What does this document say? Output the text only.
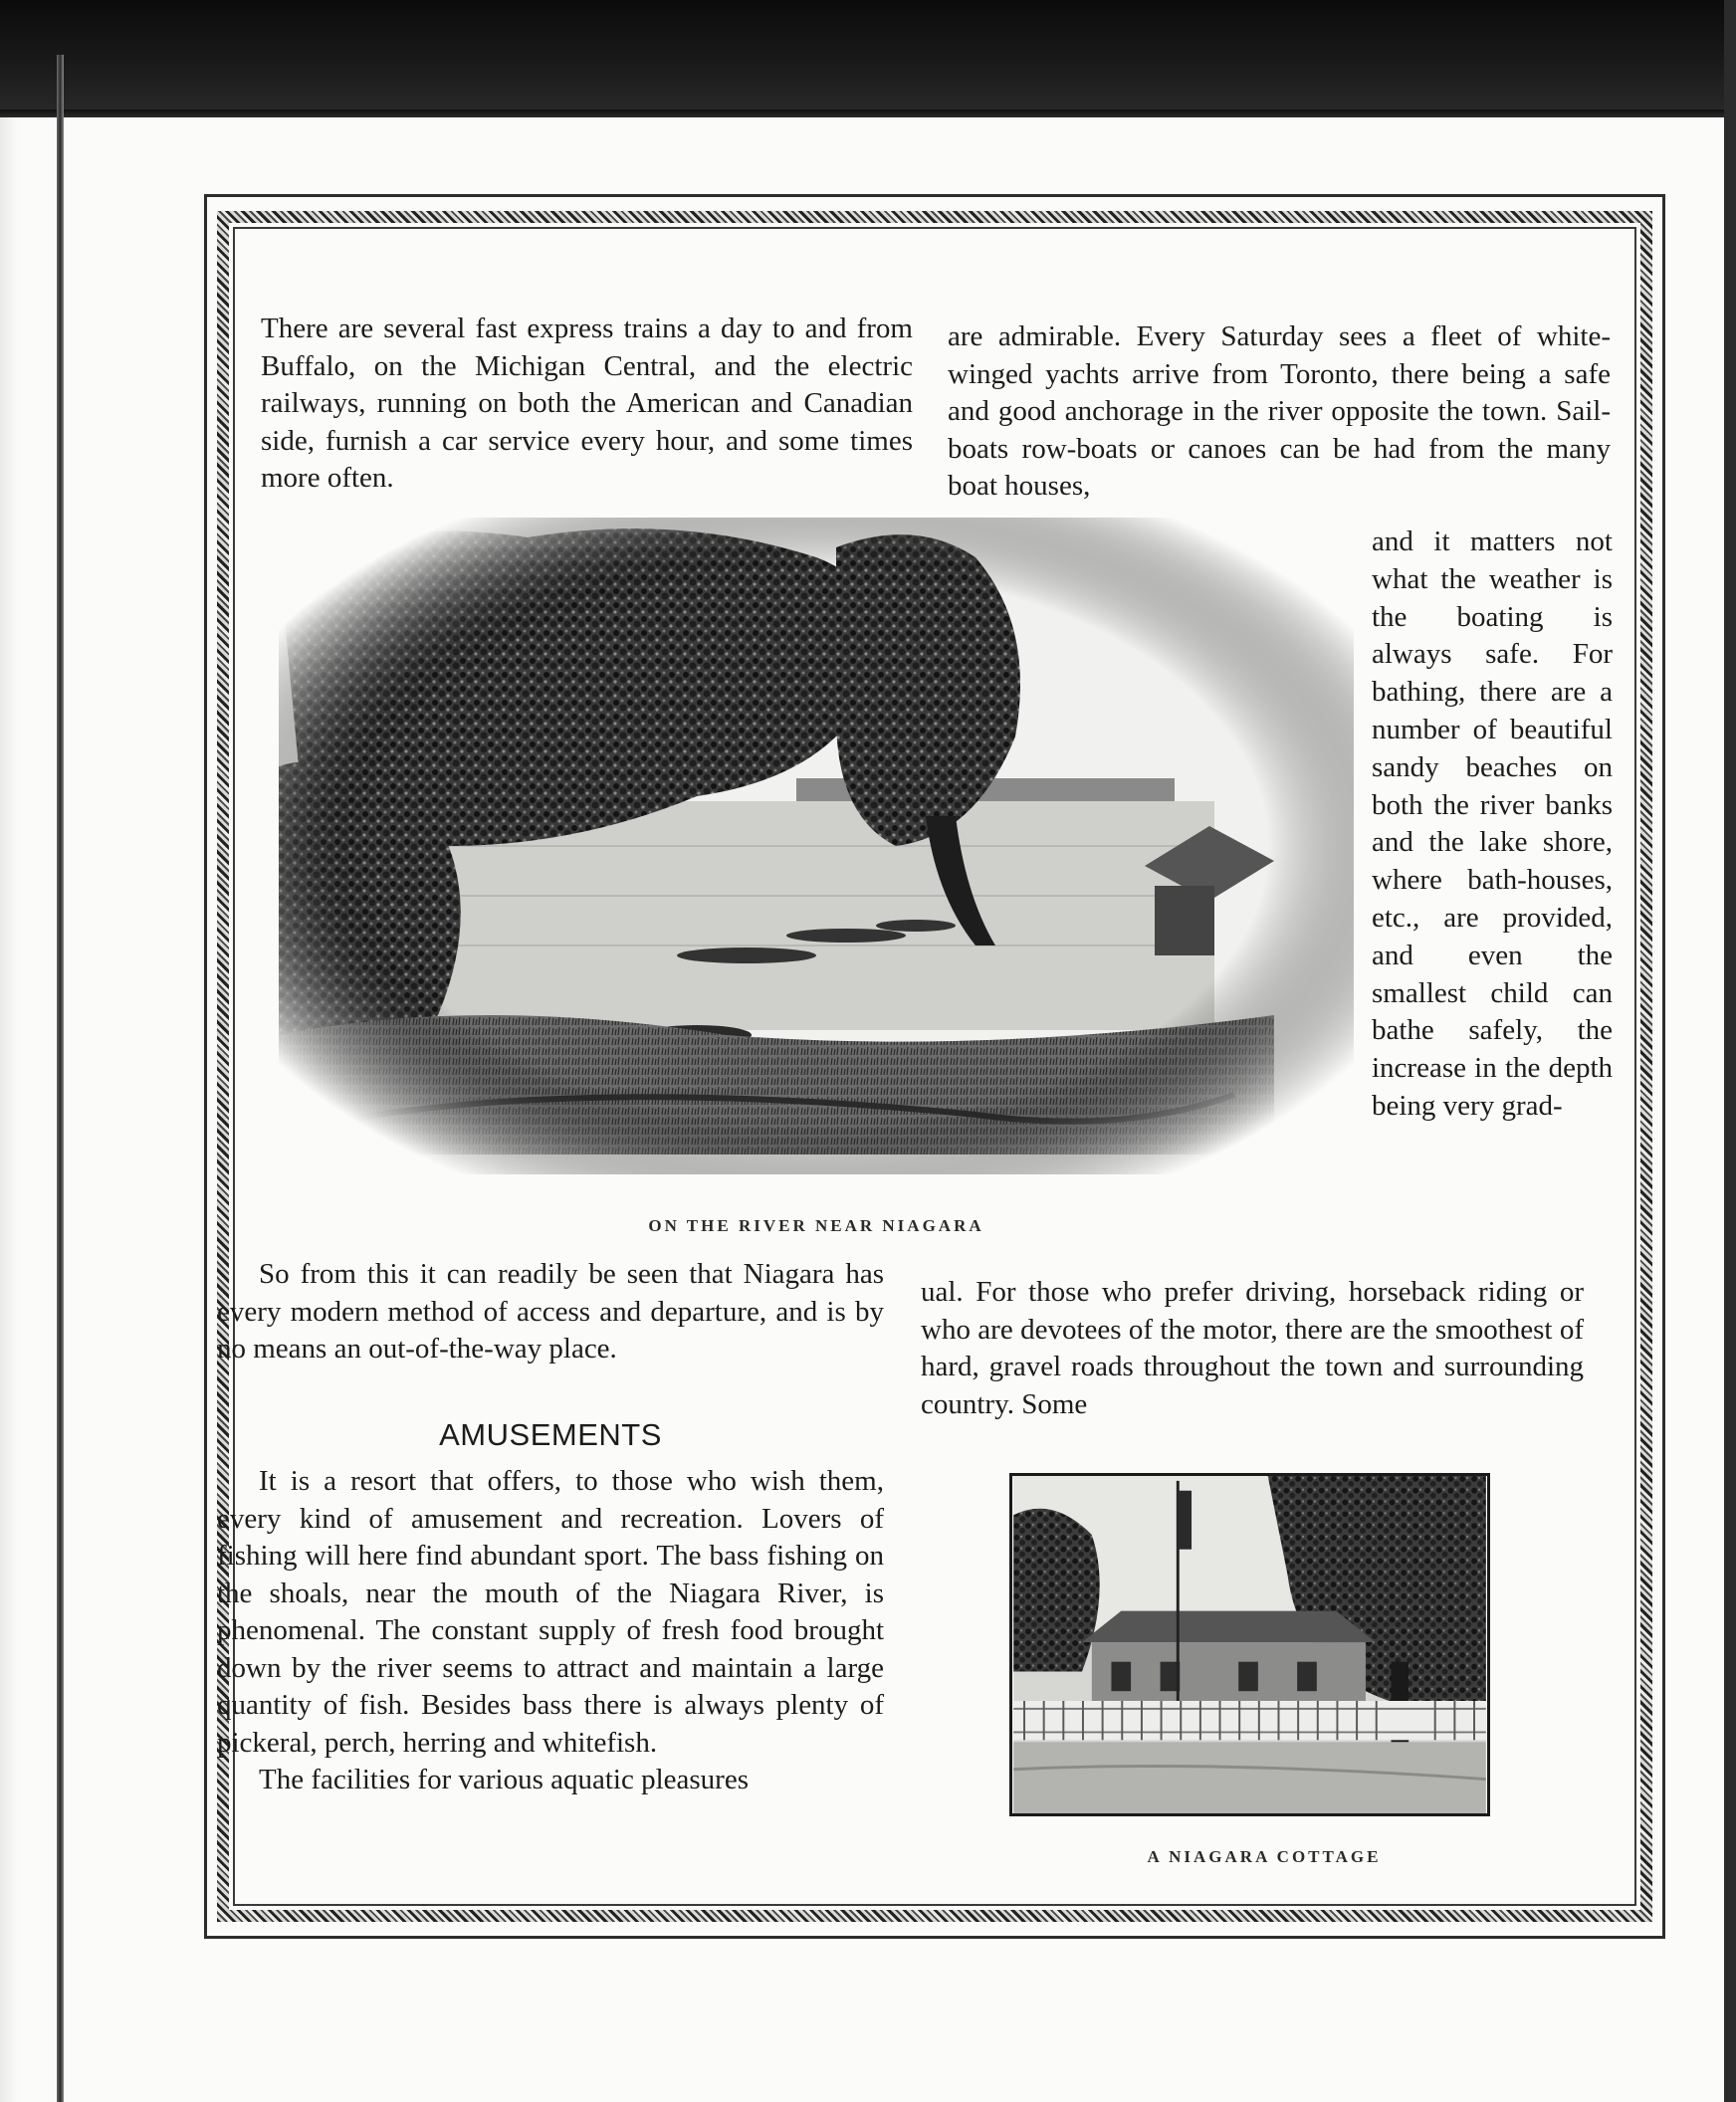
There are several fast express trains a day to and from Buffalo, on the Michigan Central, and the electric railways, running on both the American and Canadian side, furnish a car service every hour, and some times more often.

are admirable. Every Saturday sees a fleet of white-winged yachts arrive from Toronto, there being a safe and good anchorage in the river opposite the town. Sail-boats row-boats or canoes can be had from the many boat houses,

and it matters not what the weather is the boating is always safe. For bathing, there are a number of beautiful sandy beaches on both the river banks and the lake shore, where bath-houses, etc., are provided, and even the smallest child can bathe safely, the increase in the depth being very grad-

ON THE RIVER NEAR NIAGARA

So from this it can readily be seen that Niagara has every modern method of access and departure, and is by no means an out-of-the-way place.

AMUSEMENTS

It is a resort that offers, to those who wish them, every kind of amusement and recreation. Lovers of fishing will here find abundant sport. The bass fishing on the shoals, near the mouth of the Niagara River, is phenomenal. The constant supply of fresh food brought down by the river seems to attract and maintain a large quantity of fish. Besides bass there is always plenty of pickeral, perch, herring and whitefish.

The facilities for various aquatic pleasures

ual. For those who prefer driving, horseback riding or who are devotees of the motor, there are the smoothest of hard, gravel roads throughout the town and surrounding country. Some

A NIAGARA COTTAGE
